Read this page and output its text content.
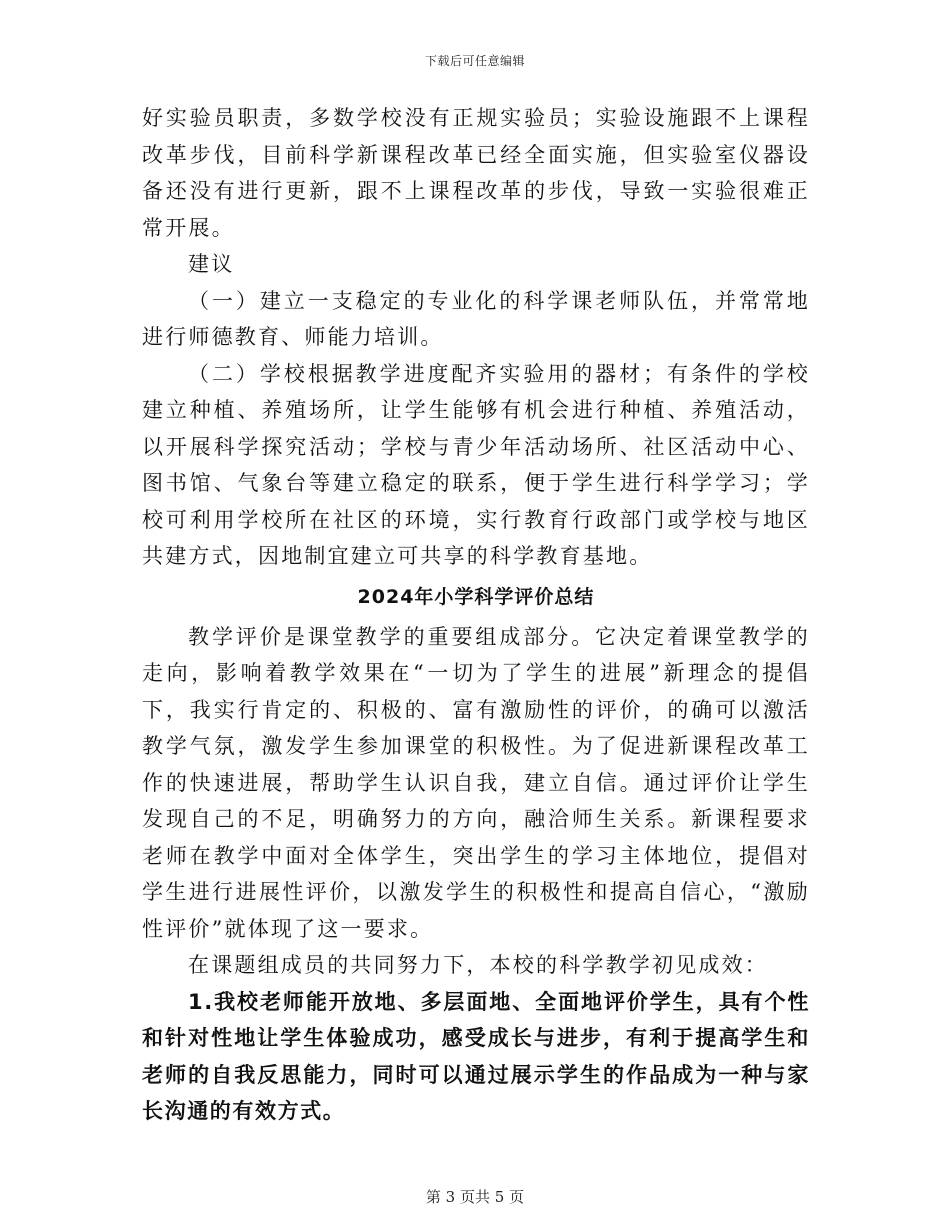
下载后可任意编辑

好实验员职责，多数学校没有正规实验员；实验设施跟不上课程改革步伐，目前科学新课程改革已经全面实施，但实验室仪器设备还没有进行更新，跟不上课程改革的步伐，导致一实验很难正常开展。

建议

（一）建立一支稳定的专业化的科学课老师队伍，并常常地进行师德教育、师能力培训。

（二）学校根据教学进度配齐实验用的器材；有条件的学校建立种植、养殖场所，让学生能够有机会进行种植、养殖活动，以开展科学探究活动；学校与青少年活动场所、社区活动中心、图书馆、气象台等建立稳定的联系，便于学生进行科学学习；学校可利用学校所在社区的环境，实行教育行政部门或学校与地区共建方式，因地制宜建立可共享的科学教育基地。

2024年小学科学评价总结

教学评价是课堂教学的重要组成部分。它决定着课堂教学的走向，影响着教学效果在“一切为了学生的进展”新理念的提倡下，我实行肯定的、积极的、富有激励性的评价，的确可以激活教学气氛，激发学生参加课堂的积极性。为了促进新课程改革工作的快速进展，帮助学生认识自我，建立自信。通过评价让学生发现自己的不足，明确努力的方向，融洽师生关系。新课程要求老师在教学中面对全体学生，突出学生的学习主体地位，提倡对学生进行进展性评价，以激发学生的积极性和提高自信心，“激励性评价”就体现了这一要求。

在课题组成员的共同努力下，本校的科学教学初见成效：

1.我校老师能开放地、多层面地、全面地评价学生，具有个性和针对性地让学生体验成功，感受成长与进步，有利于提高学生和老师的自我反思能力，同时可以通过展示学生的作品成为一种与家长沟通的有效方式。

第 3 页共 5 页
